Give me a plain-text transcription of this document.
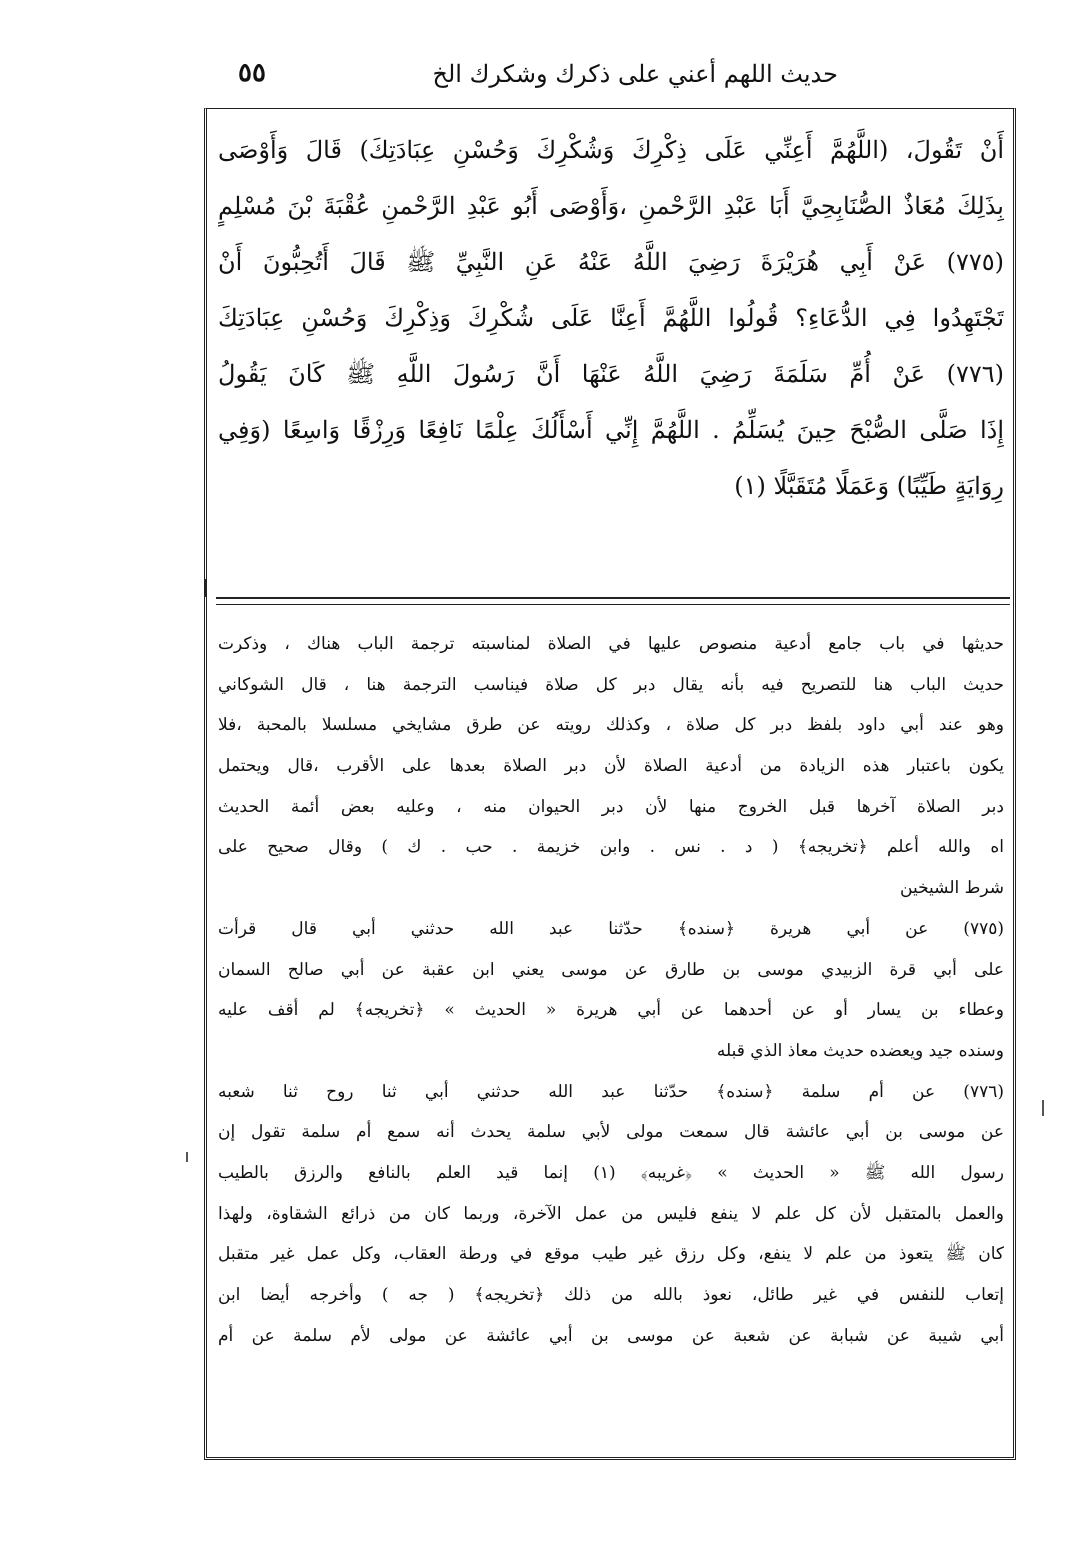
حديث اللهم أعني على ذكرك وشكرك الخ
٥٥
أَنْ تَقُولَ، (اللَّهُمَّ أَعِنِّي عَلَى ذِكْرِكَ وَشُكْرِكَ وَحُسْنِ عِبَادَتِكَ) قَالَ وَأَوْصَى
بِذَلِكَ مُعَاذٌ الصُّنَابِحِيَّ أَبَا عَبْدِ الرَّحْمنِ ،وَأَوْصَى أَبُو عَبْدِ الرَّحْمنِ عُقْبَةَ بْنَ مُسْلِمٍ
(٧٧٥) عَنْ أَبِي هُرَيْرَةَ رَضِيَ اللَّهُ عَنْهُ عَنِ النَّبِيِّ ﷺ قَالَ أَتُحِبُّونَ أَنْ
تَجْتَهِدُوا فِي الدُّعَاءِ؟ قُولُوا اللَّهُمَّ أَعِنَّا عَلَى شُكْرِكَ وَذِكْرِكَ وَحُسْنِ عِبَادَتِكَ
(٧٧٦) عَنْ أُمِّ سَلَمَةَ رَضِيَ اللَّهُ عَنْهَا أَنَّ رَسُولَ اللَّهِ ﷺ كَانَ يَقُولُ
إِذَا صَلَّى الصُّبْحَ حِينَ يُسَلِّمُ . اللَّهُمَّ إِنِّي أَسْأَلُكَ عِلْمًا نَافِعًا وَرِزْقًا وَاسِعًا (وَفِي
رِوَايَةٍ طَيِّبًا) وَعَمَلًا مُتَقَبَّلًا (١)
حديثها في باب جامع أدعية منصوص عليها في الصلاة لمناسبته ترجمة الباب هناك ، وذكرت
حديث الباب هنا للتصريح فيه بأنه يقال دبر كل صلاة فيناسب الترجمة هنا ، قال الشوكاني
وهو عند أبي داود بلفظ دبر كل صلاة ، وكذلك رويته عن طرق مشايخي مسلسلا بالمحبة ،فلا
يكون باعتبار هذه الزيادة من أدعية الصلاة لأن دبر الصلاة بعدها على الأقرب ،قال ويحتمل
دبر الصلاة آخرها قبل الخروج منها لأن دبر الحيوان منه ، وعليه بعض أئمة الحديث
اه والله أعلم ﴿تخريجه﴾ ( د . نس . وابن خزيمة . حب . ك ) وقال صحيح على
شرط الشيخين
(٧٧٥) عن أبي هريرة ﴿سنده﴾ حدّثنا عبد الله حدثني أبي قال قرأت
على أبي قرة الزبيدي موسى بن طارق عن موسى يعني ابن عقبة عن أبي صالح السمان
وعطاء بن يسار أو عن أحدهما عن أبي هريرة « الحديث » ﴿تخريجه﴾ لم أقف عليه
وسنده جيد ويعضده حديث معاذ الذي قبله
(٧٧٦) عن أم سلمة ﴿سنده﴾ حدّثنا عبد الله حدثني أبي ثنا روح ثنا شعبه
عن موسى بن أبي عائشة قال سمعت مولى لأبي سلمة يحدث أنه سمع أم سلمة تقول إن
رسول الله ﷺ « الحديث » ﴿غريبه﴾ (١) إنما قيد العلم بالنافع والرزق بالطيب
والعمل بالمتقبل لأن كل علم لا ينفع فليس من عمل الآخرة، وربما كان من ذرائع الشقاوة، ولهذا
كان ﷺ يتعوذ من علم لا ينفع، وكل رزق غير طيب موقع في ورطة العقاب، وكل عمل غير متقبل
إتعاب للنفس في غير طائل، نعوذ بالله من ذلك ﴿تخريجه﴾ ( جه ) وأخرجه أيضا ابن
أبي شيبة عن شبابة عن شعبة عن موسى بن أبي عائشة عن مولى لأم سلمة عن أم
